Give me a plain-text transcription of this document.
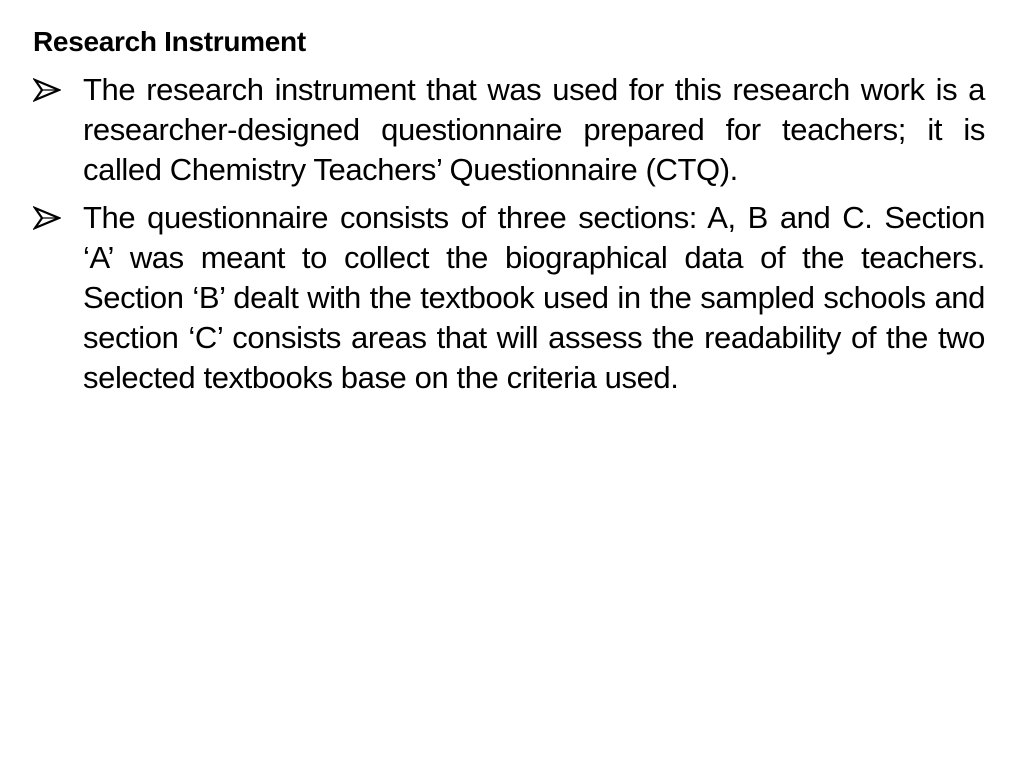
Research Instrument

The research instrument that was used for this research work is a researcher-designed questionnaire prepared for teachers; it is called Chemistry Teachers’ Questionnaire (CTQ).

The questionnaire consists of three sections: A, B and C. Section ‘A’ was meant to collect the biographical data of the teachers. Section ‘B’ dealt with the textbook used in the sampled schools and section ‘C’ consists areas that will assess the readability of the two selected textbooks base on the criteria used.
